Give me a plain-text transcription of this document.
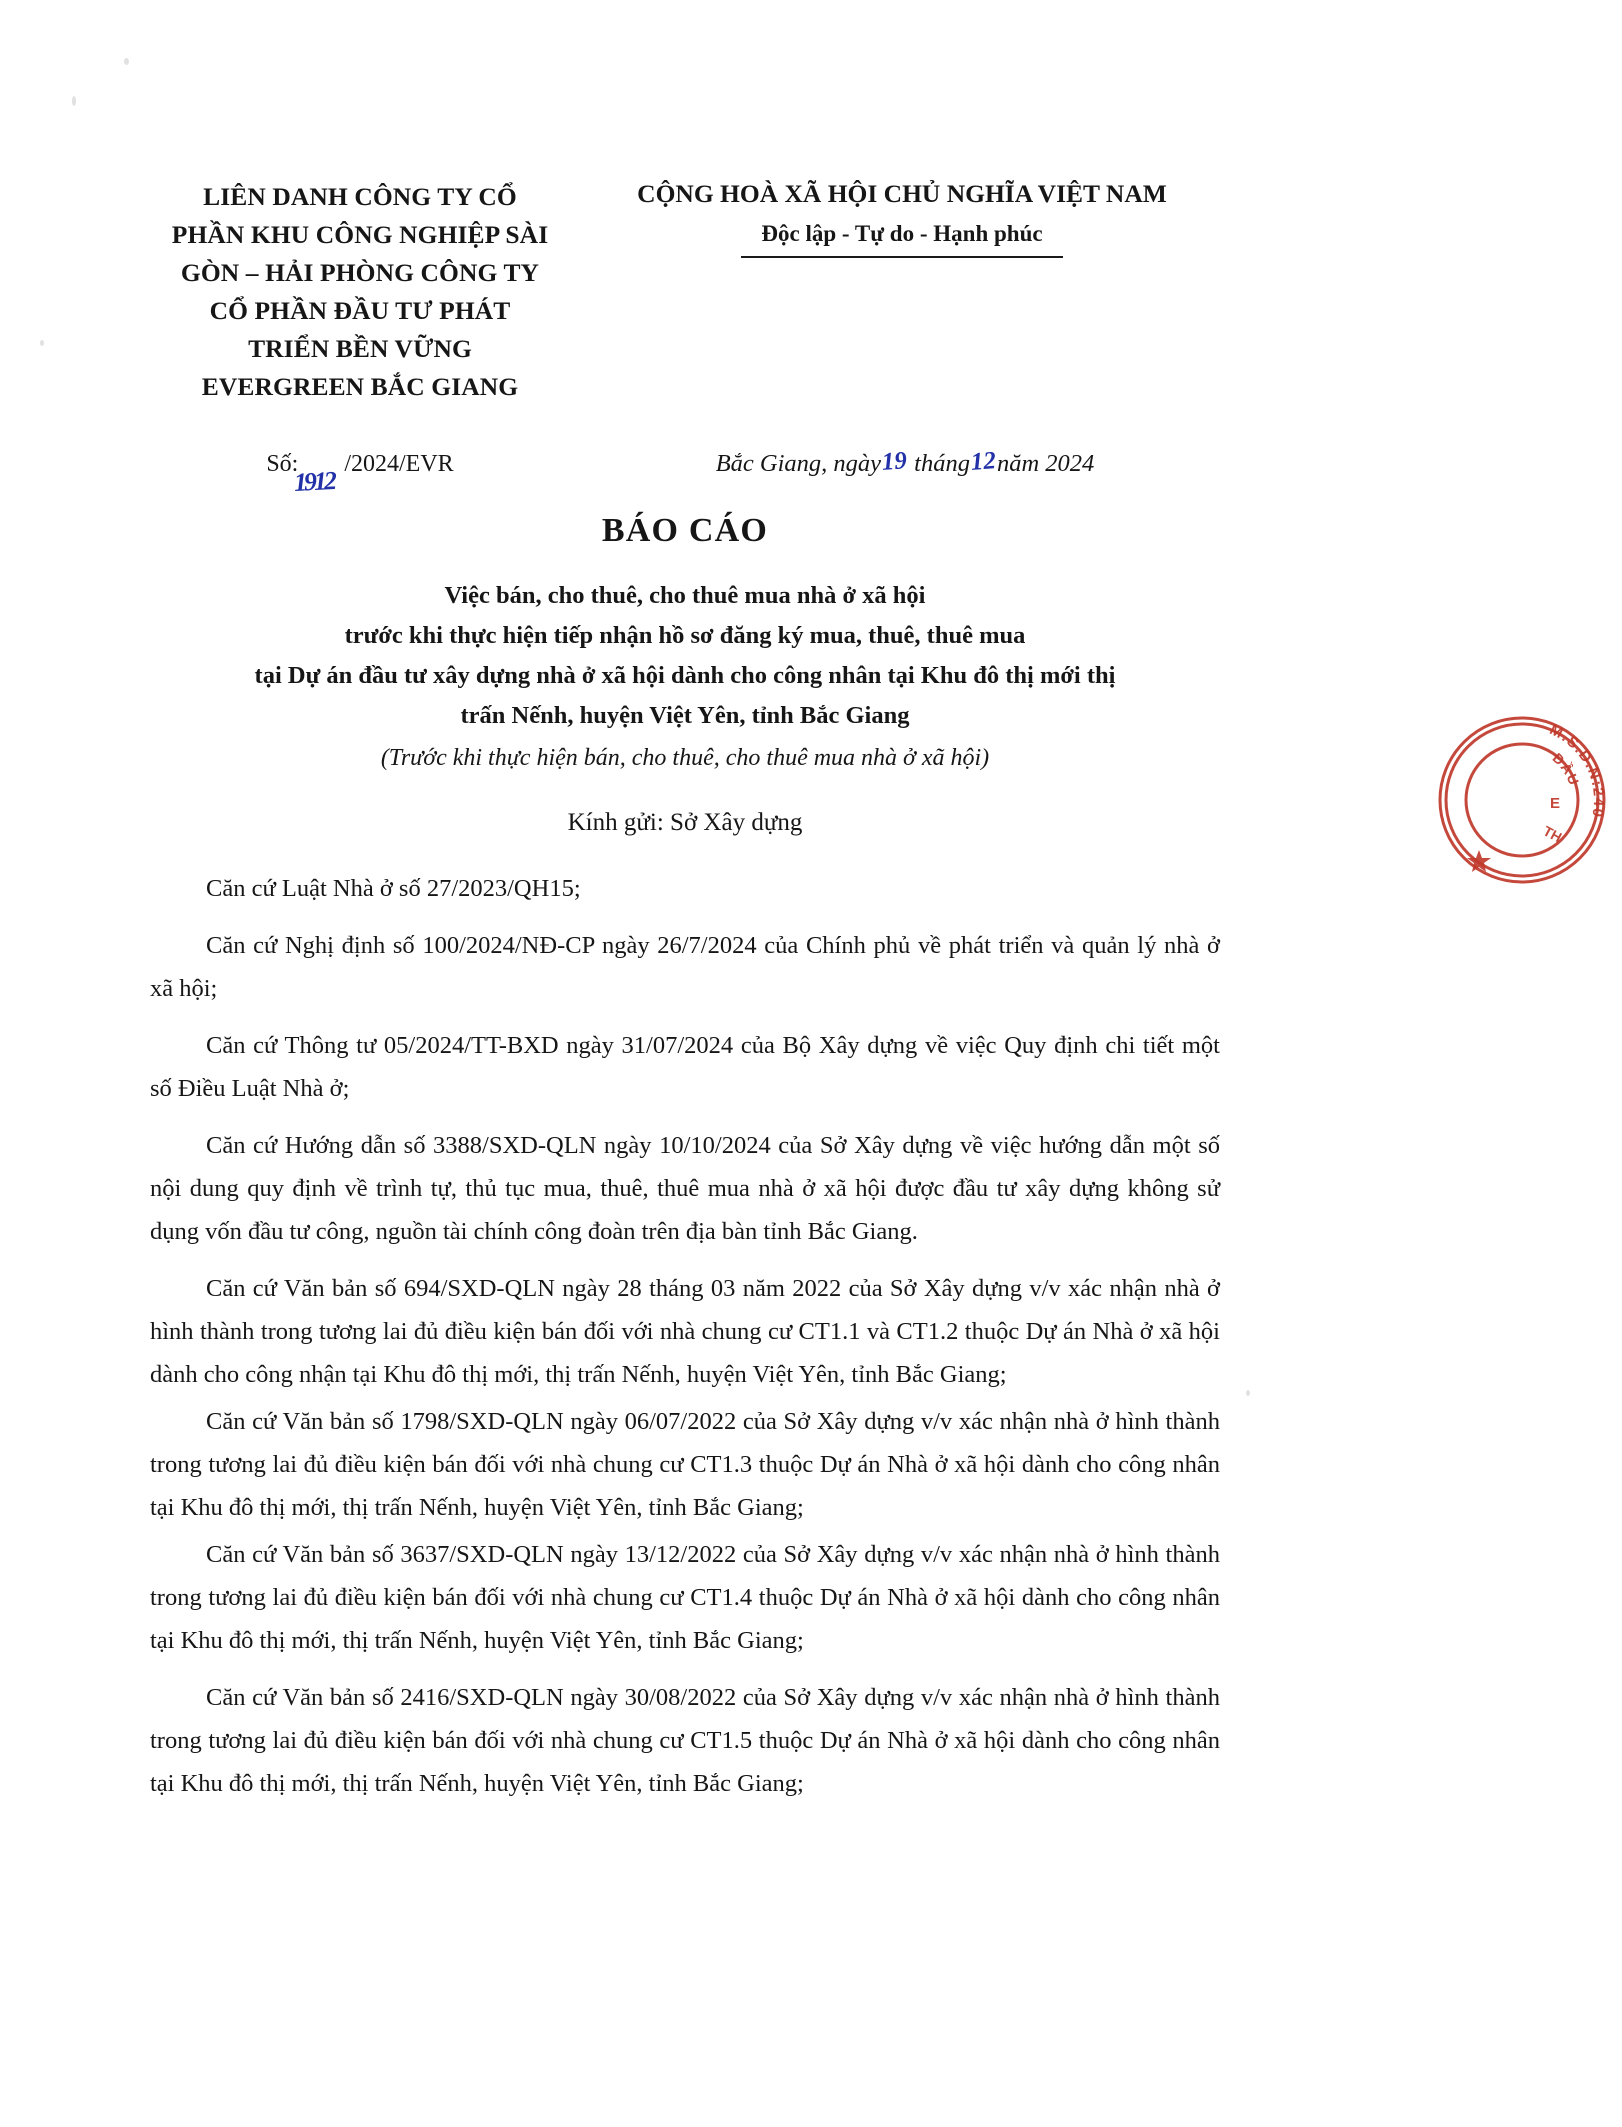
LIÊN DANH CÔNG TY CỔ
PHẦN KHU CÔNG NGHIỆP SÀI
GÒN – HẢI PHÒNG CÔNG TY
CỔ PHẦN ĐẦU TƯ PHÁT
TRIỂN BỀN VỮNG
EVERGREEN BẮC GIANG
CỘNG HOÀ XÃ HỘI CHỦ NGHĨA VIỆT NAM
Độc lập - Tự do - Hạnh phúc
Số:
1912
/2024/EVR	Bắc Giang, ngày19 tháng12năm 2024
BÁO CÁO
Việc bán, cho thuê, cho thuê mua nhà ở xã hội
trước khi thực hiện tiếp nhận hồ sơ đăng ký mua, thuê, thuê mua
tại Dự án đầu tư xây dựng nhà ở xã hội dành cho công nhân tại Khu đô thị mới thị
trấn Nếnh, huyện Việt Yên, tỉnh Bắc Giang
(Trước khi thực hiện bán, cho thuê, cho thuê mua nhà ở xã hội)
Kính gửi: Sở Xây dựng

Căn cứ Luật Nhà ở số 27/2023/QH15;

Căn cứ Nghị định số 100/2024/NĐ-CP ngày 26/7/2024 của Chính phủ về phát triển và quản lý nhà ở xã hội;

Căn cứ Thông tư 05/2024/TT-BXD ngày 31/07/2024 của Bộ Xây dựng về việc Quy định chi tiết một số Điều Luật Nhà ở;

Căn cứ Hướng dẫn số 3388/SXD-QLN ngày 10/10/2024 của Sở Xây dựng về việc hướng dẫn một số nội dung quy định về trình tự, thủ tục mua, thuê, thuê mua nhà ở xã hội được đầu tư xây dựng không sử dụng vốn đầu tư công, nguồn tài chính công đoàn trên địa bàn tỉnh Bắc Giang.

Căn cứ Văn bản số 694/SXD-QLN ngày 28 tháng 03 năm 2022 của Sở Xây dựng v/v xác nhận nhà ở hình thành trong tương lai đủ điều kiện bán đối với nhà chung cư CT1.1 và CT1.2 thuộc Dự án Nhà ở xã hội dành cho công nhận tại Khu đô thị mới, thị trấn Nếnh, huyện Việt Yên, tỉnh Bắc Giang;

Căn cứ Văn bản số 1798/SXD-QLN ngày 06/07/2022 của Sở Xây dựng v/v xác nhận nhà ở hình thành trong tương lai đủ điều kiện bán đối với nhà chung cư CT1.3 thuộc Dự án Nhà ở xã hội dành cho công nhân tại Khu đô thị mới, thị trấn Nếnh, huyện Việt Yên, tỉnh Bắc Giang;

Căn cứ Văn bản số 3637/SXD-QLN ngày 13/12/2022 của Sở Xây dựng v/v xác nhận nhà ở hình thành trong tương lai đủ điều kiện bán đối với nhà chung cư CT1.4 thuộc Dự án Nhà ở xã hội dành cho công nhân tại Khu đô thị mới, thị trấn Nếnh, huyện Việt Yên, tỉnh Bắc Giang;

Căn cứ Văn bản số 2416/SXD-QLN ngày 30/08/2022 của Sở Xây dựng v/v xác nhận nhà ở hình thành trong tương lai đủ điều kiện bán đối với nhà chung cư CT1.5 thuộc Dự án Nhà ở xã hội dành cho công nhân tại Khu đô thị mới, thị trấn Nếnh, huyện Việt Yên, tỉnh Bắc Giang;

M.S.D.N:240
ĐẦU
E
TH
